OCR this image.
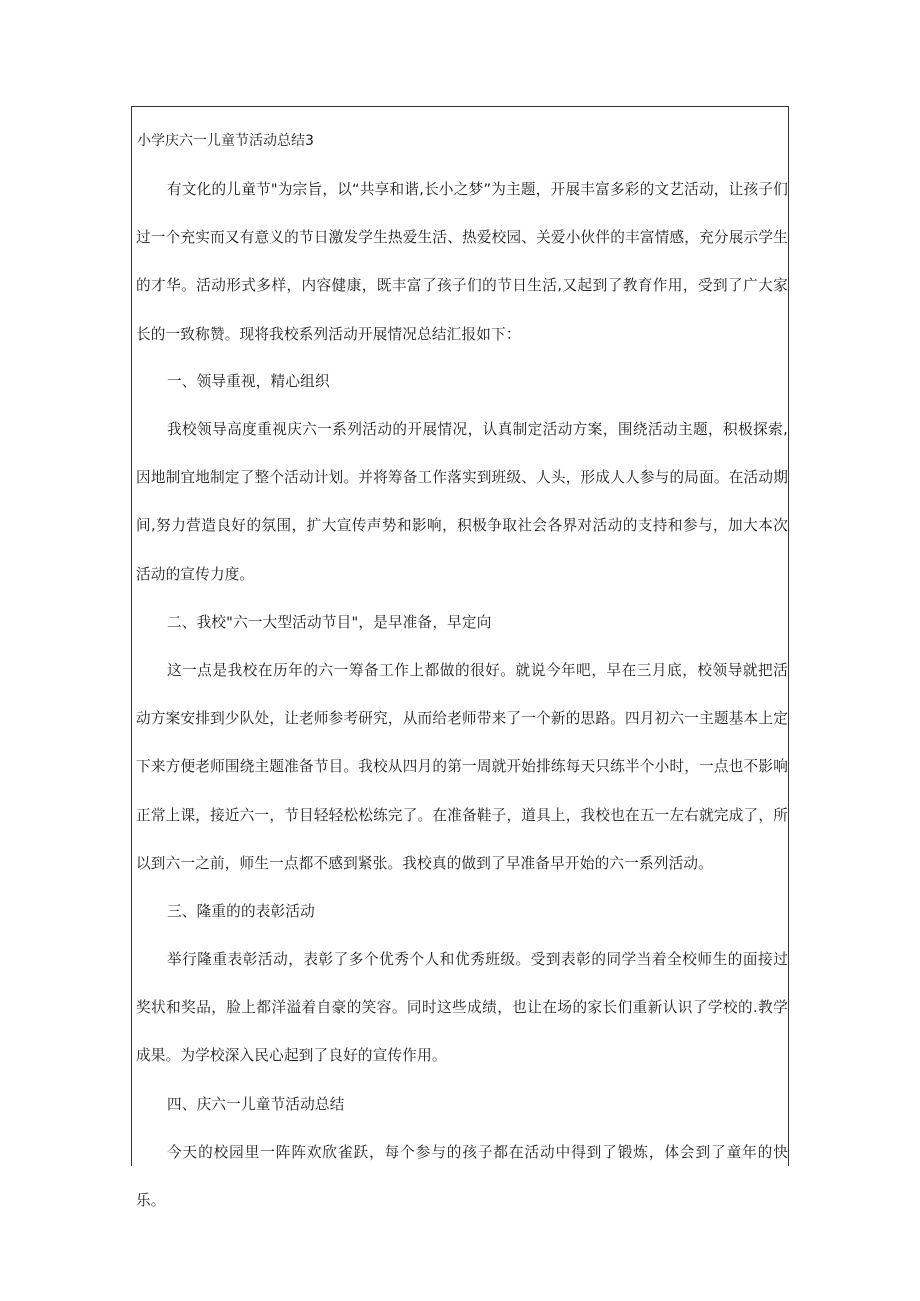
小学庆六一儿童节活动总结3
有文化的儿童节"为宗旨，以“共享和谐,长小之梦”为主题，开展丰富多彩的文艺活动，让孩子们过一个充实而又有意义的节日激发学生热爱生活、热爱校园、关爱小伙伴的丰富情感，充分展示学生的才华。活动形式多样，内容健康，既丰富了孩子们的节日生活,又起到了教育作用，受到了广大家长的一致称赞。现将我校系列活动开展情况总结汇报如下：
一、领导重视，精心组织
我校领导高度重视庆六一系列活动的开展情况，认真制定活动方案，围绕活动主题，积极探索,因地制宜地制定了整个活动计划。并将筹备工作落实到班级、人头，形成人人参与的局面。在活动期间,努力营造良好的氛围，扩大宣传声势和影响，积极争取社会各界对活动的支持和参与，加大本次活动的宣传力度。
二、我校"六一大型活动节目"，是早准备，早定向
这一点是我校在历年的六一筹备工作上都做的很好。就说今年吧，早在三月底，校领导就把活动方案安排到少队处，让老师参考研究，从而给老师带来了一个新的思路。四月初六一主题基本上定下来方便老师围绕主题准备节目。我校从四月的第一周就开始排练每天只练半个小时，一点也不影响正常上课，接近六一，节目轻轻松松练完了。在准备鞋子，道具上，我校也在五一左右就完成了，所以到六一之前，师生一点都不感到紧张。我校真的做到了早准备早开始的六一系列活动。
三、隆重的的表彰活动
举行隆重表彰活动，表彰了多个优秀个人和优秀班级。受到表彰的同学当着全校师生的面接过奖状和奖品，脸上都洋溢着自豪的笑容。同时这些成绩，也让在场的家长们重新认识了学校的.教学成果。为学校深入民心起到了良好的宣传作用。
四、庆六一儿童节活动总结
今天的校园里一阵阵欢欣雀跃，每个参与的孩子都在活动中得到了锻炼，体会到了童年的快乐。
